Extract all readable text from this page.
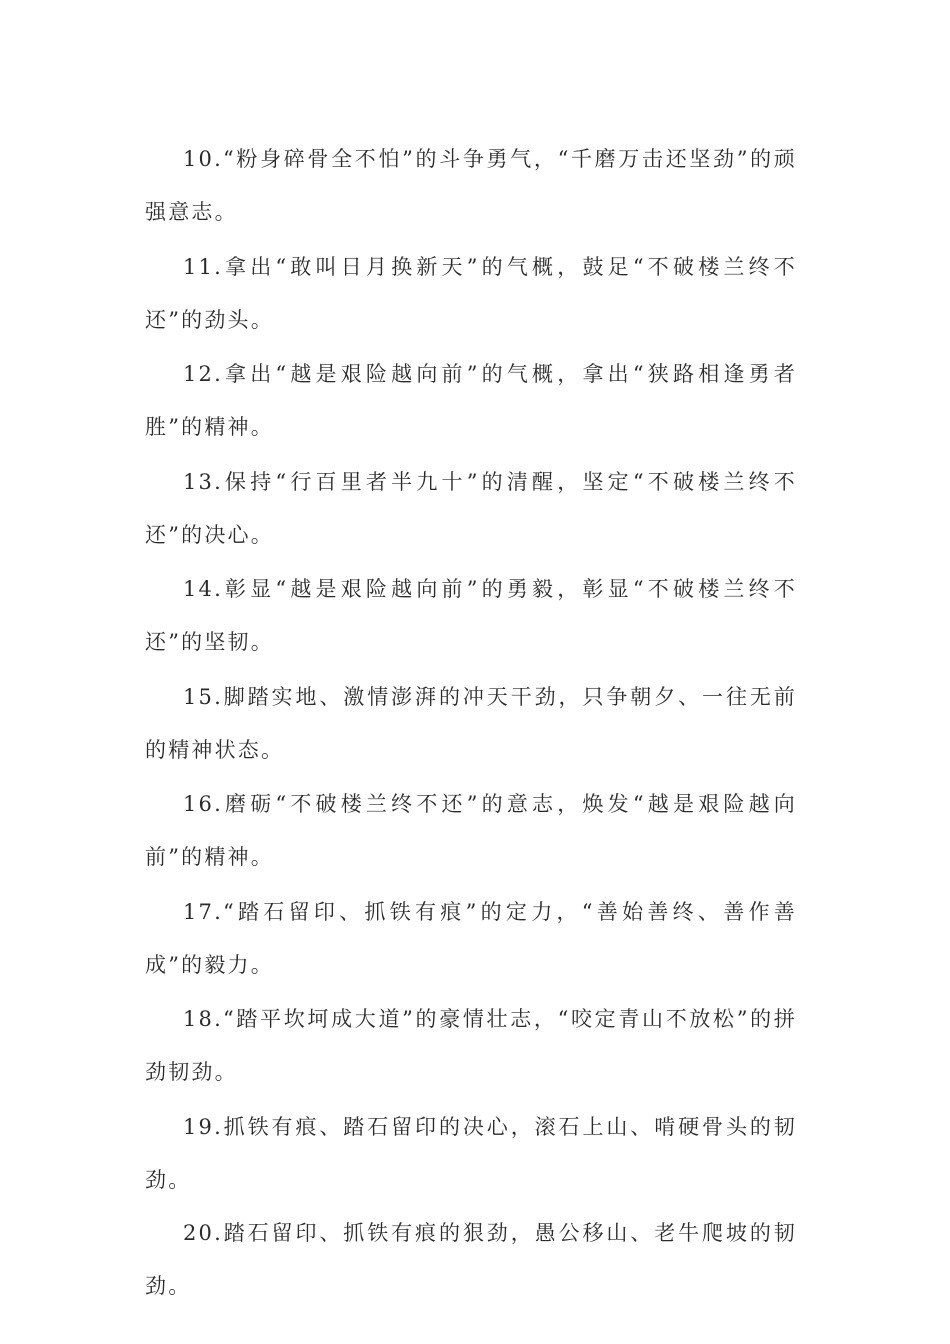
10.“粉身碎骨全不怕”的斗争勇气，“千磨万击还坚劲”的顽强意志。

11.拿出“敢叫日月换新天”的气概，鼓足“不破楼兰终不还”的劲头。

12.拿出“越是艰险越向前”的气概，拿出“狭路相逢勇者胜”的精神。

13.保持“行百里者半九十”的清醒，坚定“不破楼兰终不还”的决心。

14.彰显“越是艰险越向前”的勇毅，彰显“不破楼兰终不还”的坚韧。

15.脚踏实地、激情澎湃的冲天干劲，只争朝夕、一往无前的精神状态。

16.磨砺“不破楼兰终不还”的意志，焕发“越是艰险越向前”的精神。

17.“踏石留印、抓铁有痕”的定力，“善始善终、善作善成”的毅力。

18.“踏平坎坷成大道”的豪情壮志，“咬定青山不放松”的拼劲韧劲。

19.抓铁有痕、踏石留印的决心，滚石上山、啃硬骨头的韧劲。

20.踏石留印、抓铁有痕的狠劲，愚公移山、老牛爬坡的韧劲。
